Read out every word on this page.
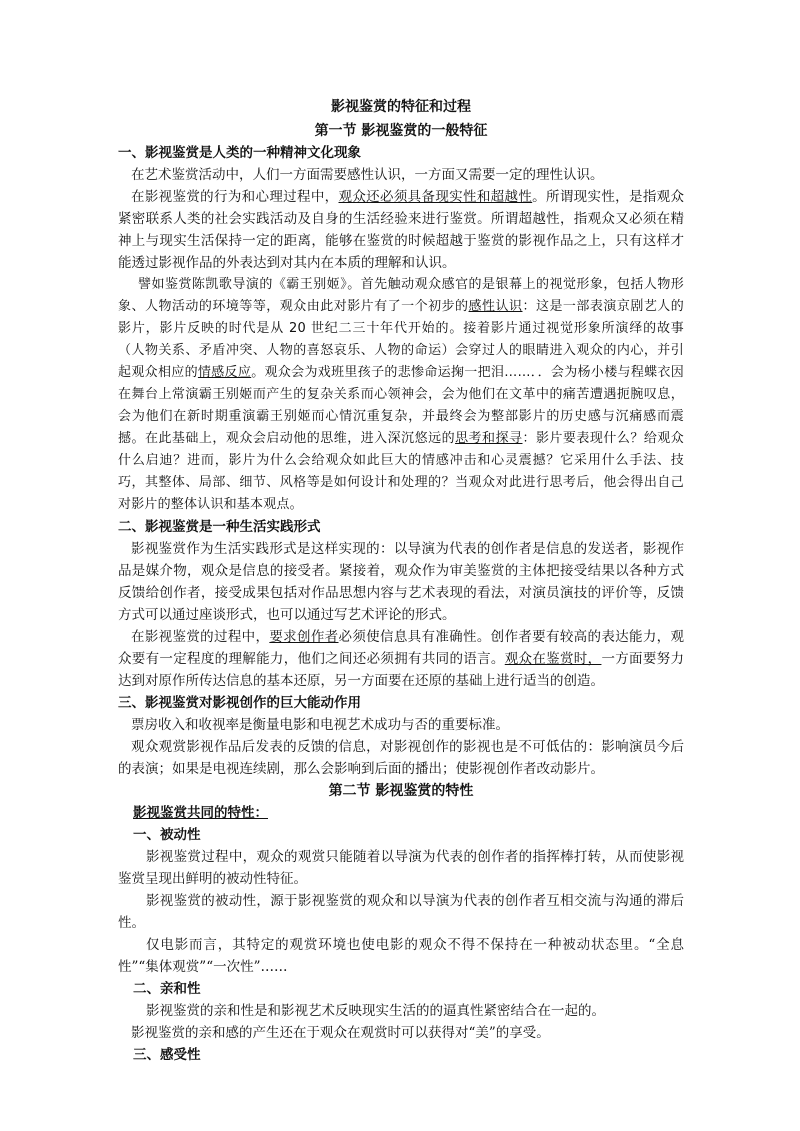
影视鉴赏的特征和过程
第一节 影视鉴赏的一般特征
一、影视鉴赏是人类的一种精神文化现象

在艺术鉴赏活动中，人们一方面需要感性认识，一方面又需要一定的理性认识。

在影视鉴赏的行为和心理过程中，观众还必须具备现实性和超越性。所谓现实性，是指观众紧密联系人类的社会实践活动及自身的生活经验来进行鉴赏。所谓超越性，指观众又必须在精神上与现实生活保持一定的距离，能够在鉴赏的时候超越于鉴赏的影视作品之上，只有这样才能透过影视作品的外表达到对其内在本质的理解和认识。

譬如鉴赏陈凯歌导演的《霸王别姬》。首先触动观众感官的是银幕上的视觉形象，包括人物形象、人物活动的环境等等，观众由此对影片有了一个初步的感性认识：这是一部表演京剧艺人的影片，影片反映的时代是从 20 世纪二三十年代开始的。接着影片通过视觉形象所演绎的故事（人物关系、矛盾冲突、人物的喜怒哀乐、人物的命运）会穿过人的眼睛进入观众的内心，并引起观众相应的情感反应。观众会为戏班里孩子的悲惨命运掬一把泪……．．会为杨小楼与程蝶衣因在舞台上常演霸王别姬而产生的复杂关系而心领神会，会为他们在文革中的痛苦遭遇扼腕叹息，会为他们在新时期重演霸王别姬而心情沉重复杂，并最终会为整部影片的历史感与沉痛感而震撼。在此基础上，观众会启动他的思维，进入深沉悠远的思考和探寻：影片要表现什么？给观众什么启迪？进而，影片为什么会给观众如此巨大的情感冲击和心灵震撼？它采用什么手法、技巧，其整体、局部、细节、风格等是如何设计和处理的？当观众对此进行思考后，他会得出自己对影片的整体认识和基本观点。

二、影视鉴赏是一种生活实践形式

影视鉴赏作为生活实践形式是这样实现的：以导演为代表的创作者是信息的发送者，影视作品是媒介物，观众是信息的接受者。紧接着，观众作为审美鉴赏的主体把接受结果以各种方式反馈给创作者，接受成果包括对作品思想内容与艺术表现的看法，对演员演技的评价等，反馈方式可以通过座谈形式，也可以通过写艺术评论的形式。

在影视鉴赏的过程中，要求创作者必须使信息具有准确性。创作者要有较高的表达能力，观众要有一定程度的理解能力，他们之间还必须拥有共同的语言。观众在鉴赏时，一方面要努力达到对原作所传达信息的基本还原，另一方面要在还原的基础上进行适当的创造。

三、影视鉴赏对影视创作的巨大能动作用

票房收入和收视率是衡量电影和电视艺术成功与否的重要标准。

观众观赏影视作品后发表的反馈的信息，对影视创作的影视也是不可低估的：影响演员今后的表演；如果是电视连续剧，那么会影响到后面的播出；使影视创作者改动影片。

第二节 影视鉴赏的特性
影视鉴赏共同的特性：
一、被动性

影视鉴赏过程中，观众的观赏只能随着以导演为代表的创作者的指挥棒打转，从而使影视鉴赏呈现出鲜明的被动性特征。

影视鉴赏的被动性，源于影视鉴赏的观众和以导演为代表的创作者互相交流与沟通的滞后性。

仅电影而言，其特定的观赏环境也使电影的观众不得不保持在一种被动状态里。“全息性”“集体观赏”“一次性”……

二、亲和性

影视鉴赏的亲和性是和影视艺术反映现实生活的的逼真性紧密结合在一起的。

影视鉴赏的亲和感的产生还在于观众在观赏时可以获得对“美”的享受。

三、感受性
